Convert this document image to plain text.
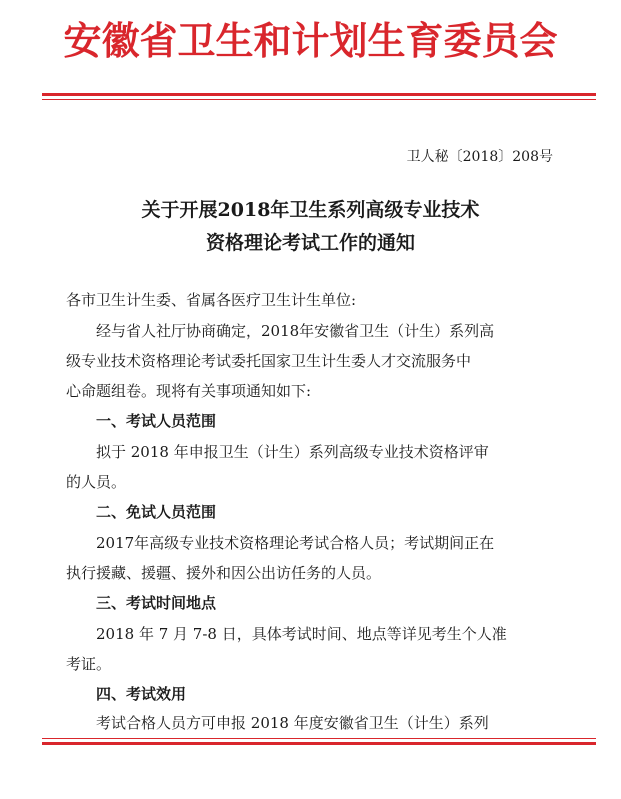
安徽省卫生和计划生育委员会
卫人秘〔2018〕208号
关于开展2018年卫生系列高级专业技术
资格理论考试工作的通知
各市卫生计生委、省属各医疗卫生计生单位:
经与省人社厅协商确定，2018年安徽省卫生（计生）系列高
级专业技术资格理论考试委托国家卫生计生委人才交流服务中
心命题组卷。现将有关事项通知如下:
一、考试人员范围
拟于 2018 年申报卫生（计生）系列高级专业技术资格评审
的人员。
二、免试人员范围
2017年高级专业技术资格理论考试合格人员；考试期间正在
执行援藏、援疆、援外和因公出访任务的人员。
三、考试时间地点
2018 年 7 月 7-8 日，具体考试时间、地点等详见考生个人准
考证。
四、考试效用
考试合格人员方可申报 2018 年度安徽省卫生（计生）系列
